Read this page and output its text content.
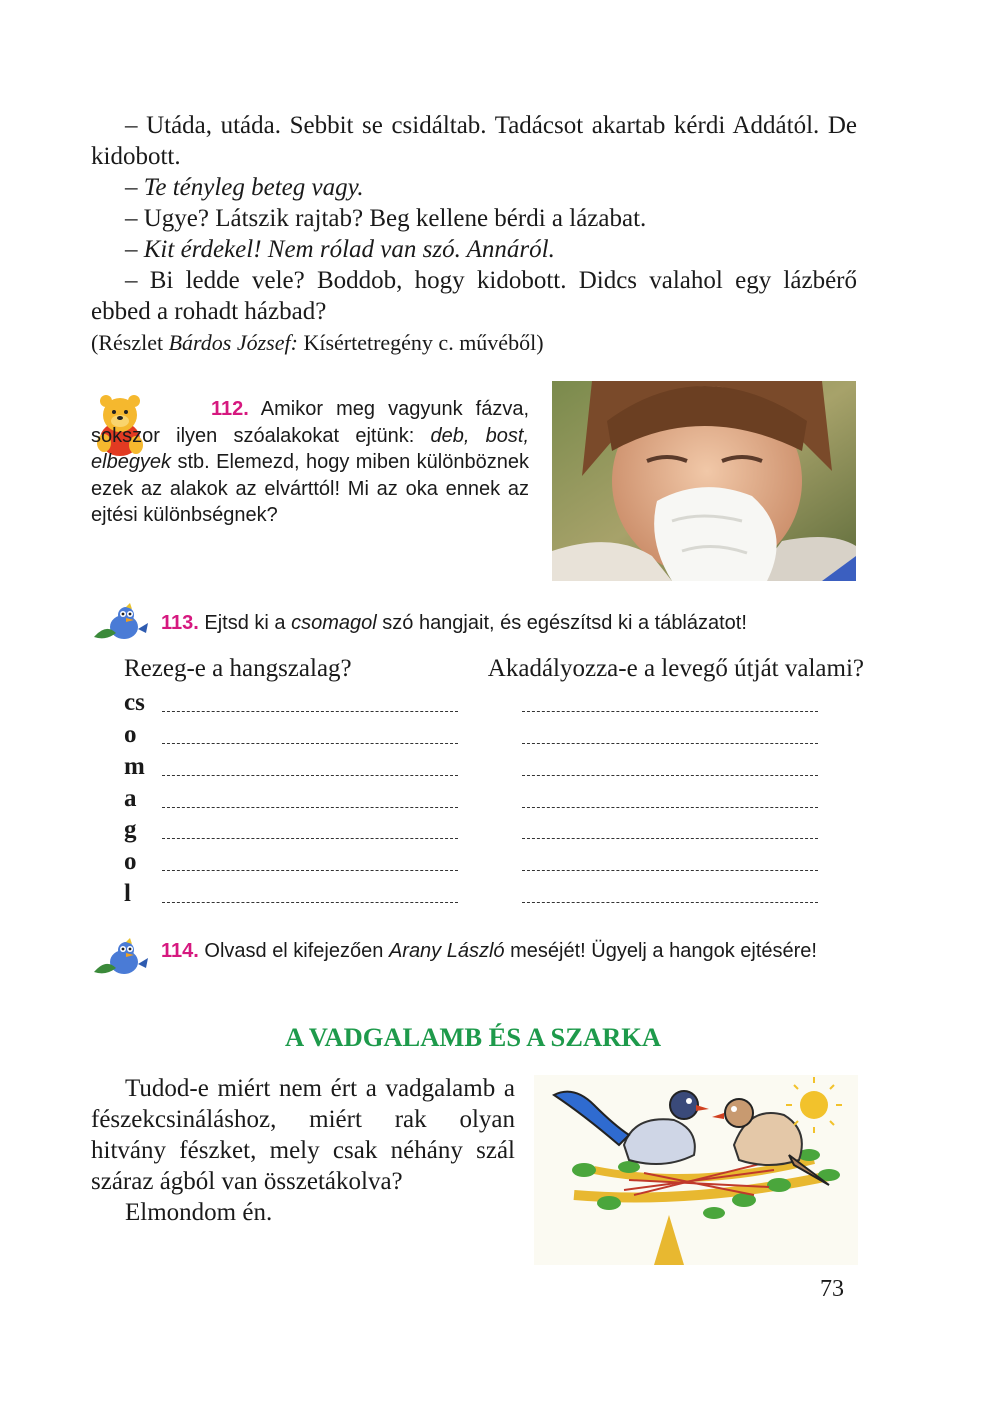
– Utáda, utáda. Sebbit se csidáltab. Tadácsot akartab kérdi Addától. De kidobott.

– Te tényleg beteg vagy.

– Ugye? Látszik rajtab? Beg kellene bérdi a lázabat.

– Kit érdekel! Nem rólad van szó. Annáról.

– Bi ledde vele? Boddob, hogy kidobott. Didcs valahol egy lázbérő ebbed a rohadt házbad?

(Részlet Bárdos József: Kísértetregény c. művéből)

112. Amikor meg vagyunk fázva, sokszor ilyen szóalakokat ejtünk: deb, bost, elbegyek stb. Elemezd, hogy miben különböznek ezek az alakok az elvárttól! Mi az oka ennek az ejtési különbségnek?

113. Ejtsd ki a csomagol szó hangjait, és egészítsd ki a táblázatot!

Rezeg-e a hangszalag?	Akadályozza-e a levegő útját valami?
cs
o
m
a
g
o
l

114. Olvasd el kifejezően Arany László meséjét! Ügyelj a hangok ejtésére!

A VADGALAMB ÉS A SZARKA

Tudod-e miért nem ért a vadgalamb a fészekcsináláshoz, miért rak olyan hitvány fészket, mely csak néhány szál száraz ágból van összetákolva?

Elmondom én.

73
